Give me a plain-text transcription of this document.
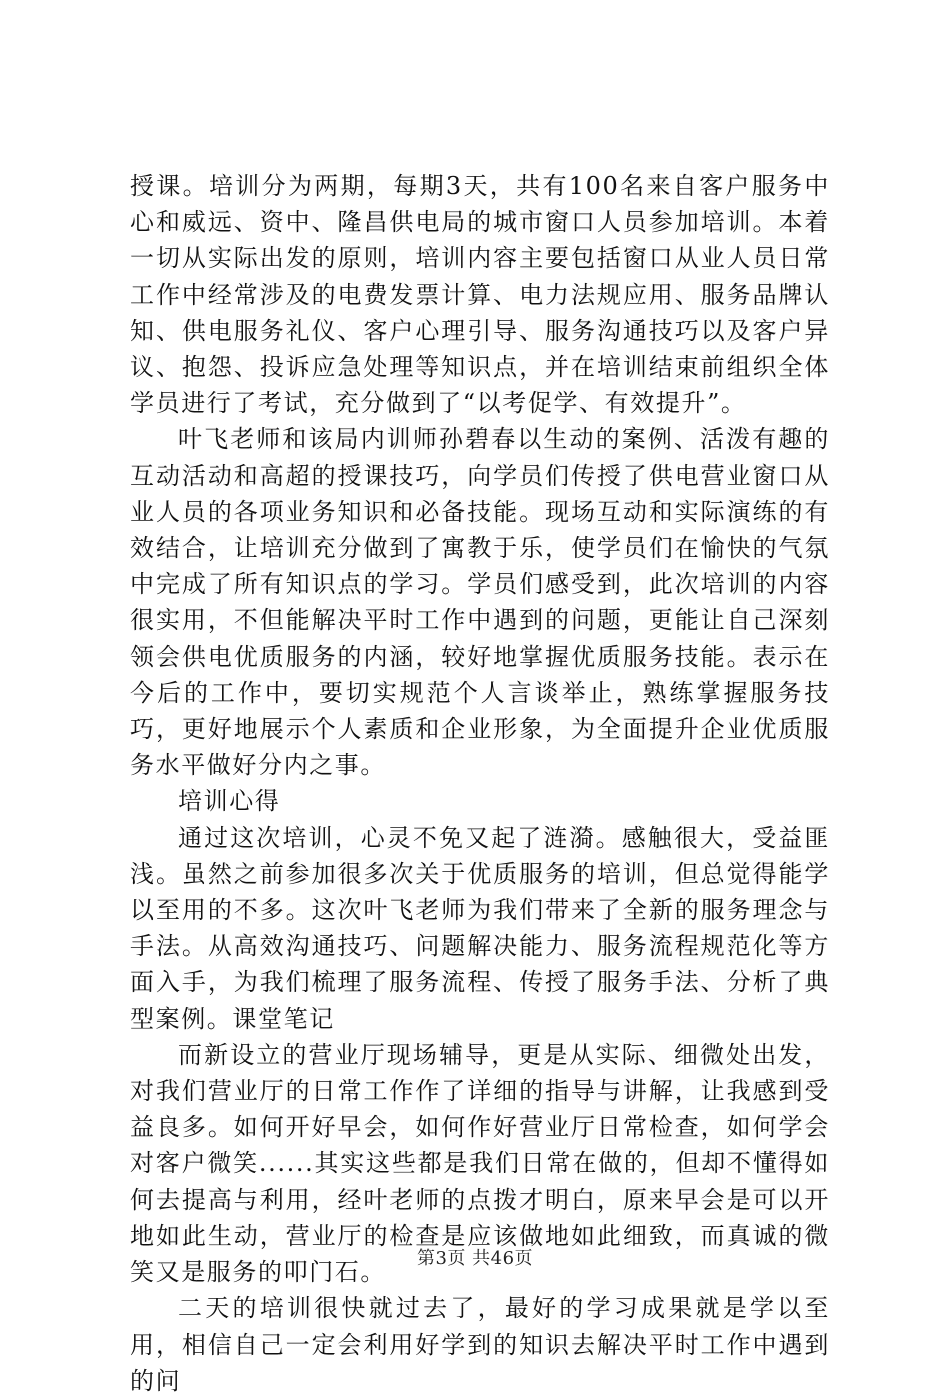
授课。培训分为两期，每期3天，共有100名来自客户服务中心和威远、资中、隆昌供电局的城市窗口人员参加培训。本着一切从实际出发的原则，培训内容主要包括窗口从业人员日常工作中经常涉及的电费发票计算、电力法规应用、服务品牌认知、供电服务礼仪、客户心理引导、服务沟通技巧以及客户异议、抱怨、投诉应急处理等知识点，并在培训结束前组织全体学员进行了考试，充分做到了“以考促学、有效提升”。

叶飞老师和该局内训师孙碧春以生动的案例、活泼有趣的互动活动和高超的授课技巧，向学员们传授了供电营业窗口从业人员的各项业务知识和必备技能。现场互动和实际演练的有效结合，让培训充分做到了寓教于乐，使学员们在愉快的气氛中完成了所有知识点的学习。学员们感受到，此次培训的内容很实用，不但能解决平时工作中遇到的问题，更能让自己深刻领会供电优质服务的内涵，较好地掌握优质服务技能。表示在今后的工作中，要切实规范个人言谈举止，熟练掌握服务技巧，更好地展示个人素质和企业形象，为全面提升企业优质服务水平做好分内之事。

培训心得

通过这次培训，心灵不免又起了涟漪。感触很大，受益匪浅。虽然之前参加很多次关于优质服务的培训，但总觉得能学以至用的不多。这次叶飞老师为我们带来了全新的服务理念与手法。从高效沟通技巧、问题解决能力、服务流程规范化等方面入手，为我们梳理了服务流程、传授了服务手法、分析了典型案例。课堂笔记

而新设立的营业厅现场辅导，更是从实际、细微处出发，对我们营业厅的日常工作作了详细的指导与讲解，让我感到受益良多。如何开好早会，如何作好营业厅日常检查，如何学会对客户微笑......其实这些都是我们日常在做的，但却不懂得如何去提高与利用，经叶老师的点拨才明白，原来早会是可以开地如此生动，营业厅的检查是应该做地如此细致，而真诚的微笑又是服务的叩门石。

二天的培训很快就过去了，最好的学习成果就是学以至用，相信自己一定会利用好学到的知识去解决平时工作中遇到的问

第3页 共46页
